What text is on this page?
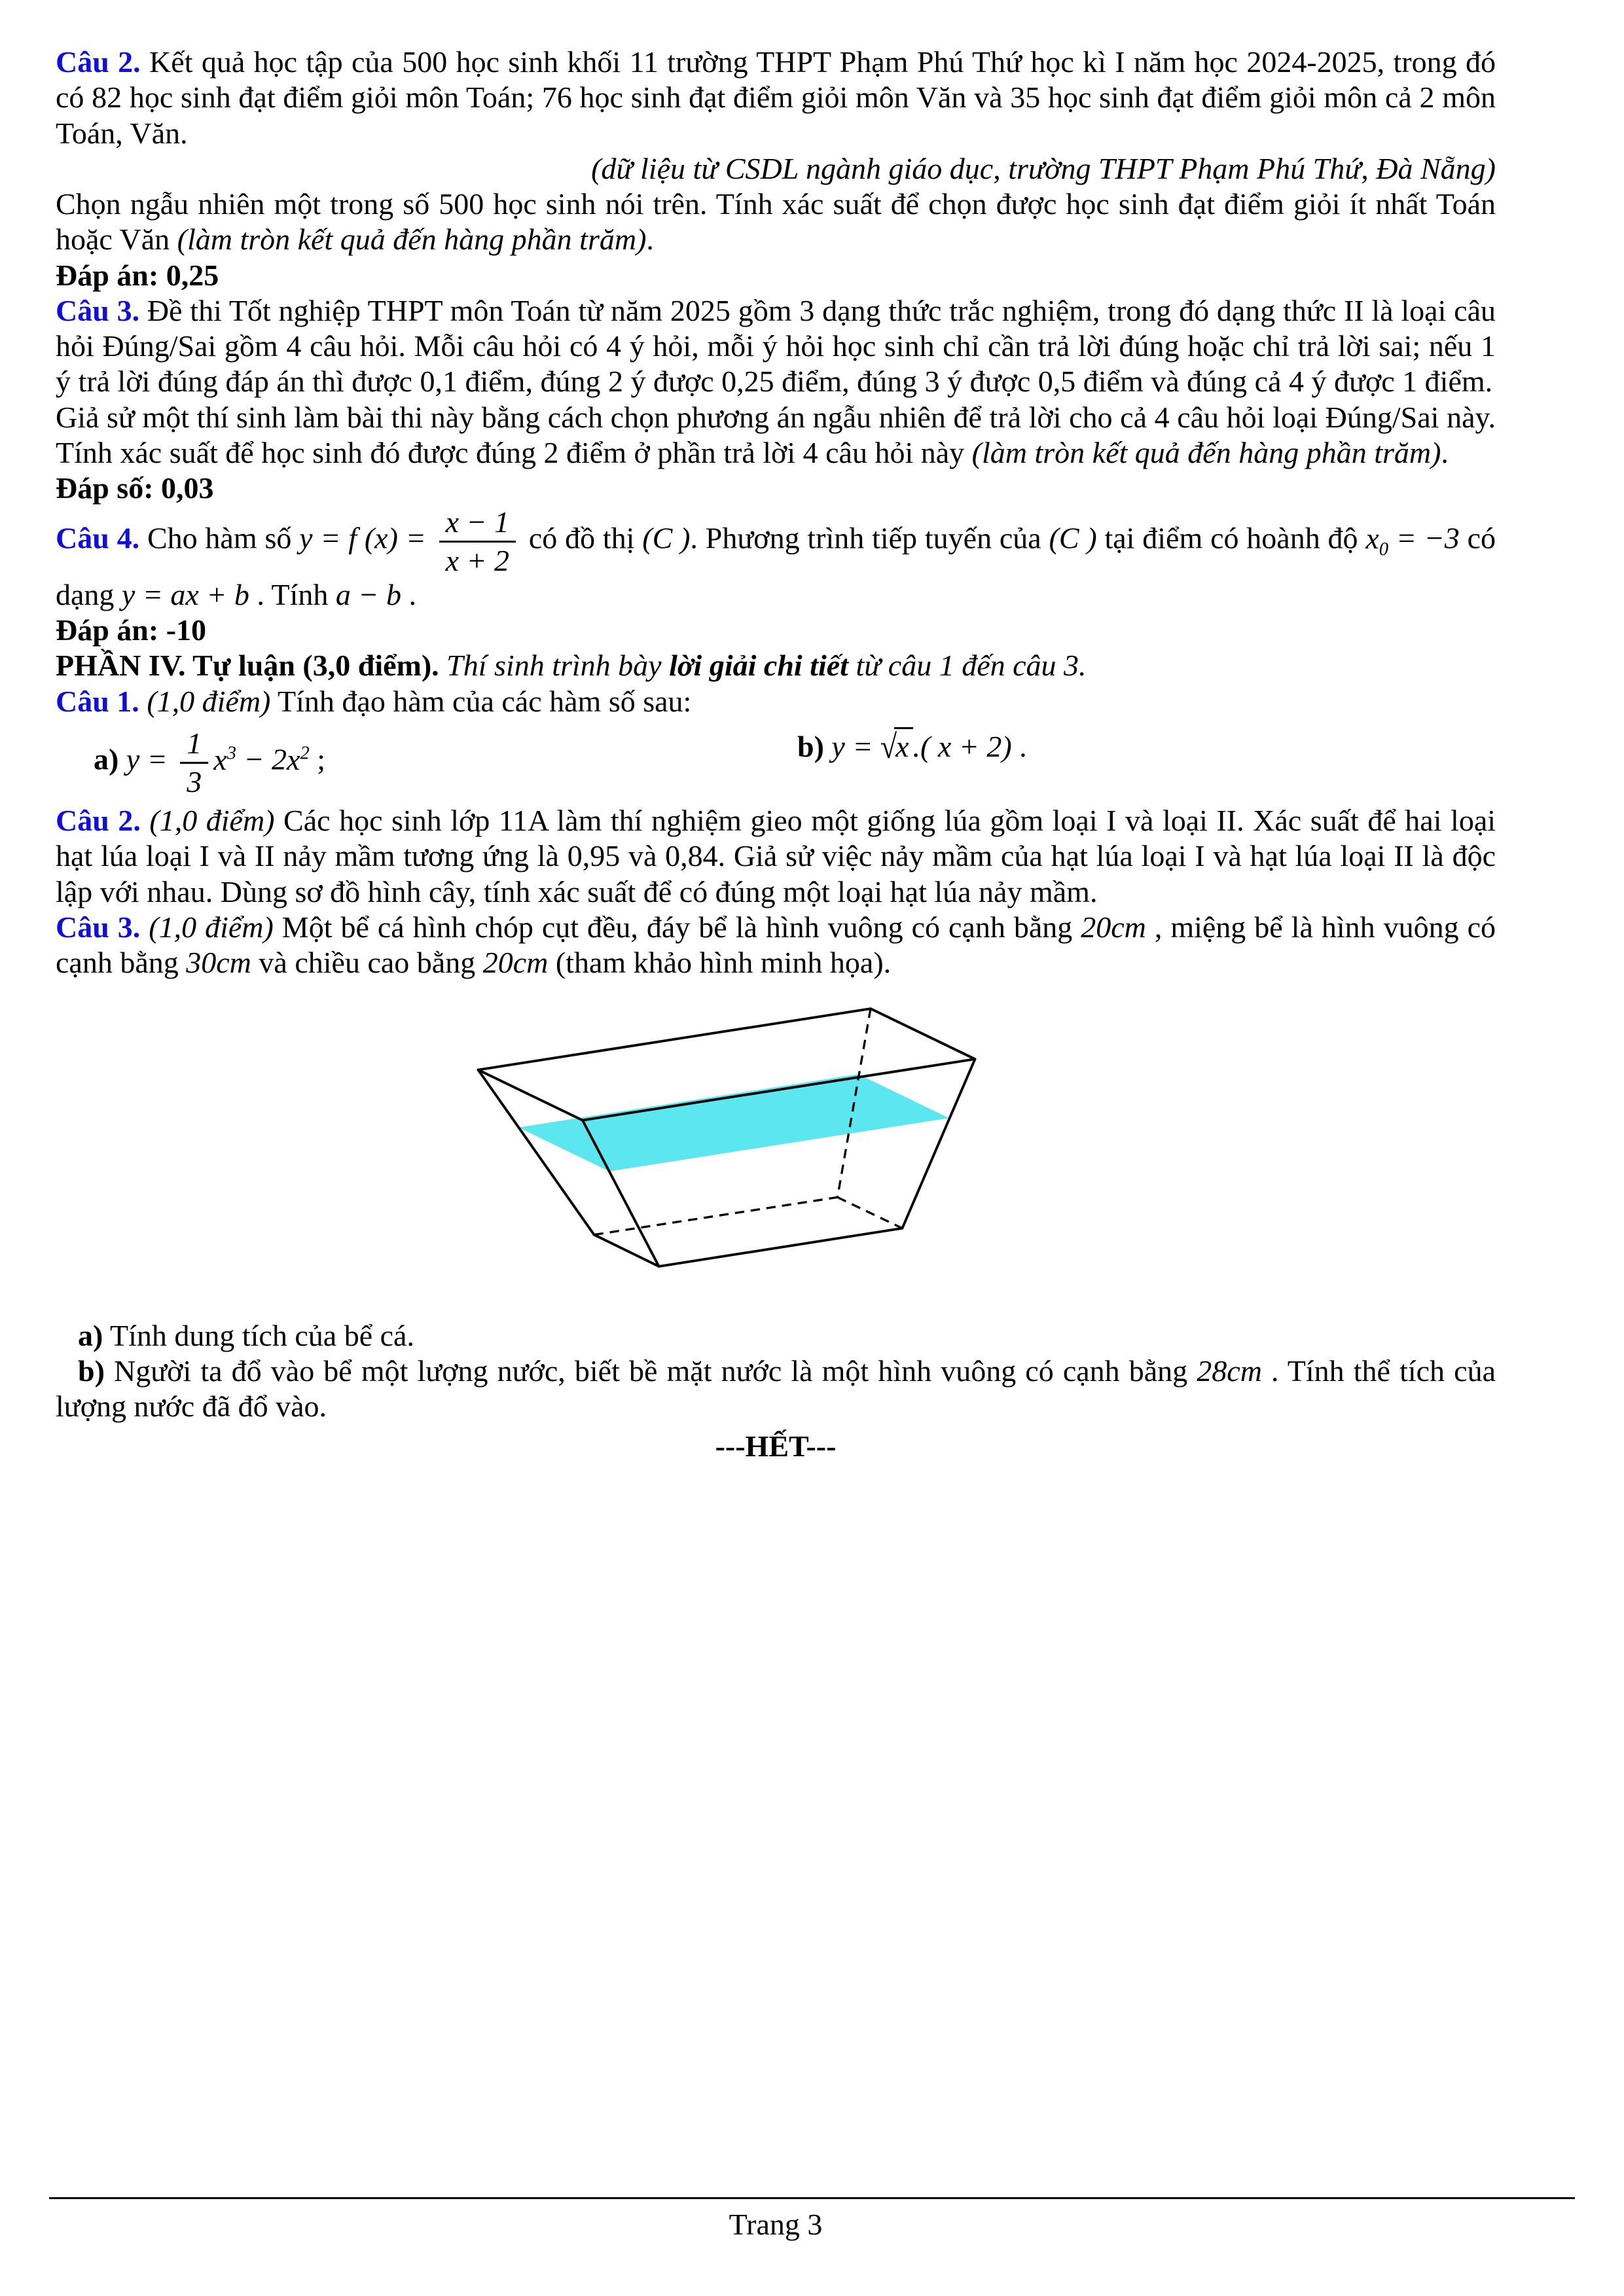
Câu 2. Kết quả học tập của 500 học sinh khối 11 trường THPT Phạm Phú Thứ học kì I năm học 2024-2025, trong đó có 82 học sinh đạt điểm giỏi môn Toán; 76 học sinh đạt điểm giỏi môn Văn và 35 học sinh đạt điểm giỏi môn cả 2 môn Toán, Văn.

(dữ liệu từ CSDL ngành giáo dục, trường THPT Phạm Phú Thứ, Đà Nẵng)

Chọn ngẫu nhiên một trong số 500 học sinh nói trên. Tính xác suất để chọn được học sinh đạt điểm giỏi ít nhất Toán hoặc Văn (làm tròn kết quả đến hàng phần trăm).

Đáp án: 0,25

Câu 3. Đề thi Tốt nghiệp THPT môn Toán từ năm 2025 gồm 3 dạng thức trắc nghiệm, trong đó dạng thức II là loại câu hỏi Đúng/Sai gồm 4 câu hỏi. Mỗi câu hỏi có 4 ý hỏi, mỗi ý hỏi học sinh chỉ cần trả lời đúng hoặc chỉ trả lời sai; nếu 1 ý trả lời đúng đáp án thì được 0,1 điểm, đúng 2 ý được 0,25 điểm, đúng 3 ý được 0,5 điểm và đúng cả 4 ý được 1 điểm.

Giả sử một thí sinh làm bài thi này bằng cách chọn phương án ngẫu nhiên để trả lời cho cả 4 câu hỏi loại Đúng/Sai này. Tính xác suất để học sinh đó được đúng 2 điểm ở phần trả lời 4 câu hỏi này (làm tròn kết quả đến hàng phần trăm).

Đáp số: 0,03

Câu 4. Cho hàm số y = f $(x) = \frac{x - 1}{x + 2}$ có đồ thị (C ). Phương trình tiếp tuyến của (C ) tại điểm có hoành độ $x_0 = -3$ có dạng y = ax + b . Tính a − b .

Đáp án: -10

PHẦN IV. Tự luận (3,0 điểm). Thí sinh trình bày lời giải chi tiết từ câu 1 đến câu 3.

Câu 1. (1,0 điểm) Tính đạo hàm của các hàm số sau:

a) $y = \frac{1}{3} x^3 - 2x^2$ ;	b) y = √x .( x + 2) .

Câu 2. (1,0 điểm) Các học sinh lớp 11A làm thí nghiệm gieo một giống lúa gồm loại I và loại II. Xác suất để hai loại hạt lúa loại I và II nảy mầm tương ứng là 0,95 và 0,84. Giả sử việc nảy mầm của hạt lúa loại I và hạt lúa loại II là độc lập với nhau. Dùng sơ đồ hình cây, tính xác suất để có đúng một loại hạt lúa nảy mầm.

Câu 3. (1,0 điểm) Một bể cá hình chóp cụt đều, đáy bể là hình vuông có cạnh bằng 20cm , miệng bể là hình vuông có cạnh bằng 30cm và chiều cao bằng 20cm (tham khảo hình minh họa).

a) Tính dung tích của bể cá.

b) Người ta đổ vào bể một lượng nước, biết bề mặt nước là một hình vuông có cạnh bằng 28cm . Tính thể tích của lượng nước đã đổ vào.

---HẾT---

Trang 3
